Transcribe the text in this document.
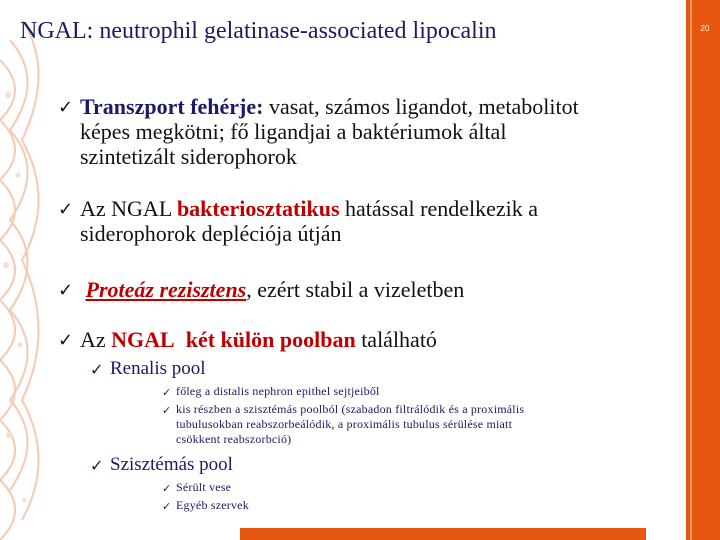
20
NGAL: neutrophil gelatinase-associated lipocalin
✓ Transzport fehérje: vasat, számos ligandot, metabolitot
képes megkötni; fő ligandjai a baktériumok által
szintetizált siderophorok
✓ Az NGAL bakteriosztatikus hatással rendelkezik a
siderophorok depléciója útján
✓ Proteáz rezisztens, ezért stabil a vizeletben
✓ Az NGAL két külön poolban található
✓ Renalis pool
✓ főleg a distalis nephron epithel sejtjeiből
✓ kis részben a szisztémás poolból (szabadon filtrálódik és a proximális
tubulusokban reabszorbeálódik, a proximális tubulus sérülése miatt
csökkent reabszorbció)
✓ Szisztémás pool
✓ Sérült vese
✓ Egyéb szervek
